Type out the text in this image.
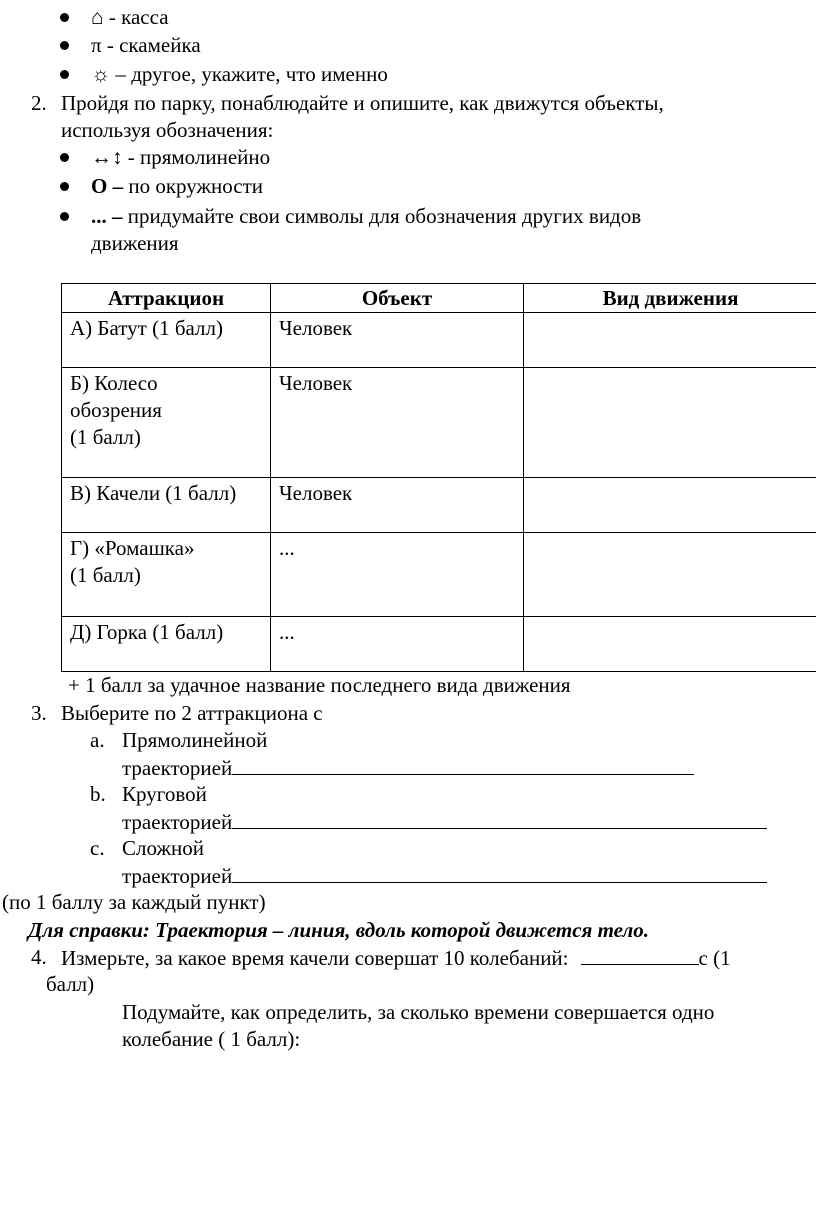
⌂ - касса
π - скамейка
☼ – другое, укажите, что именно
2. Пройдя по парку, понаблюдайте и опишите, как движутся объекты,
используя обозначения:
↔↕ - прямолинейно
О – по окружности
... – придумайте свои символы для обозначения других видов
движения
Аттракцион	Объект	Вид движения
А) Батут (1 балл)	Человек	
Б) Колесо
обозрения
(1 балл)	Человек	
В) Качели (1 балл)	Человек	
Г) «Ромашка»
(1 балл)	...	
Д) Горка (1 балл)	...	
+ 1 балл за удачное название последнего вида движения
3. Выберите по 2 аттракциона с
a. Прямолинейной
траекторией
b. Круговой
траекторией
c. Сложной
траекторией
(по 1 баллу за каждый пункт)
Для справки: Траектория – линия, вдоль которой движется тело.
4. Измерьте, за какое время качели совершат 10 колебаний:	с (1
балл)
Подумайте, как определить, за сколько времени совершается одно
колебание ( 1 балл):
